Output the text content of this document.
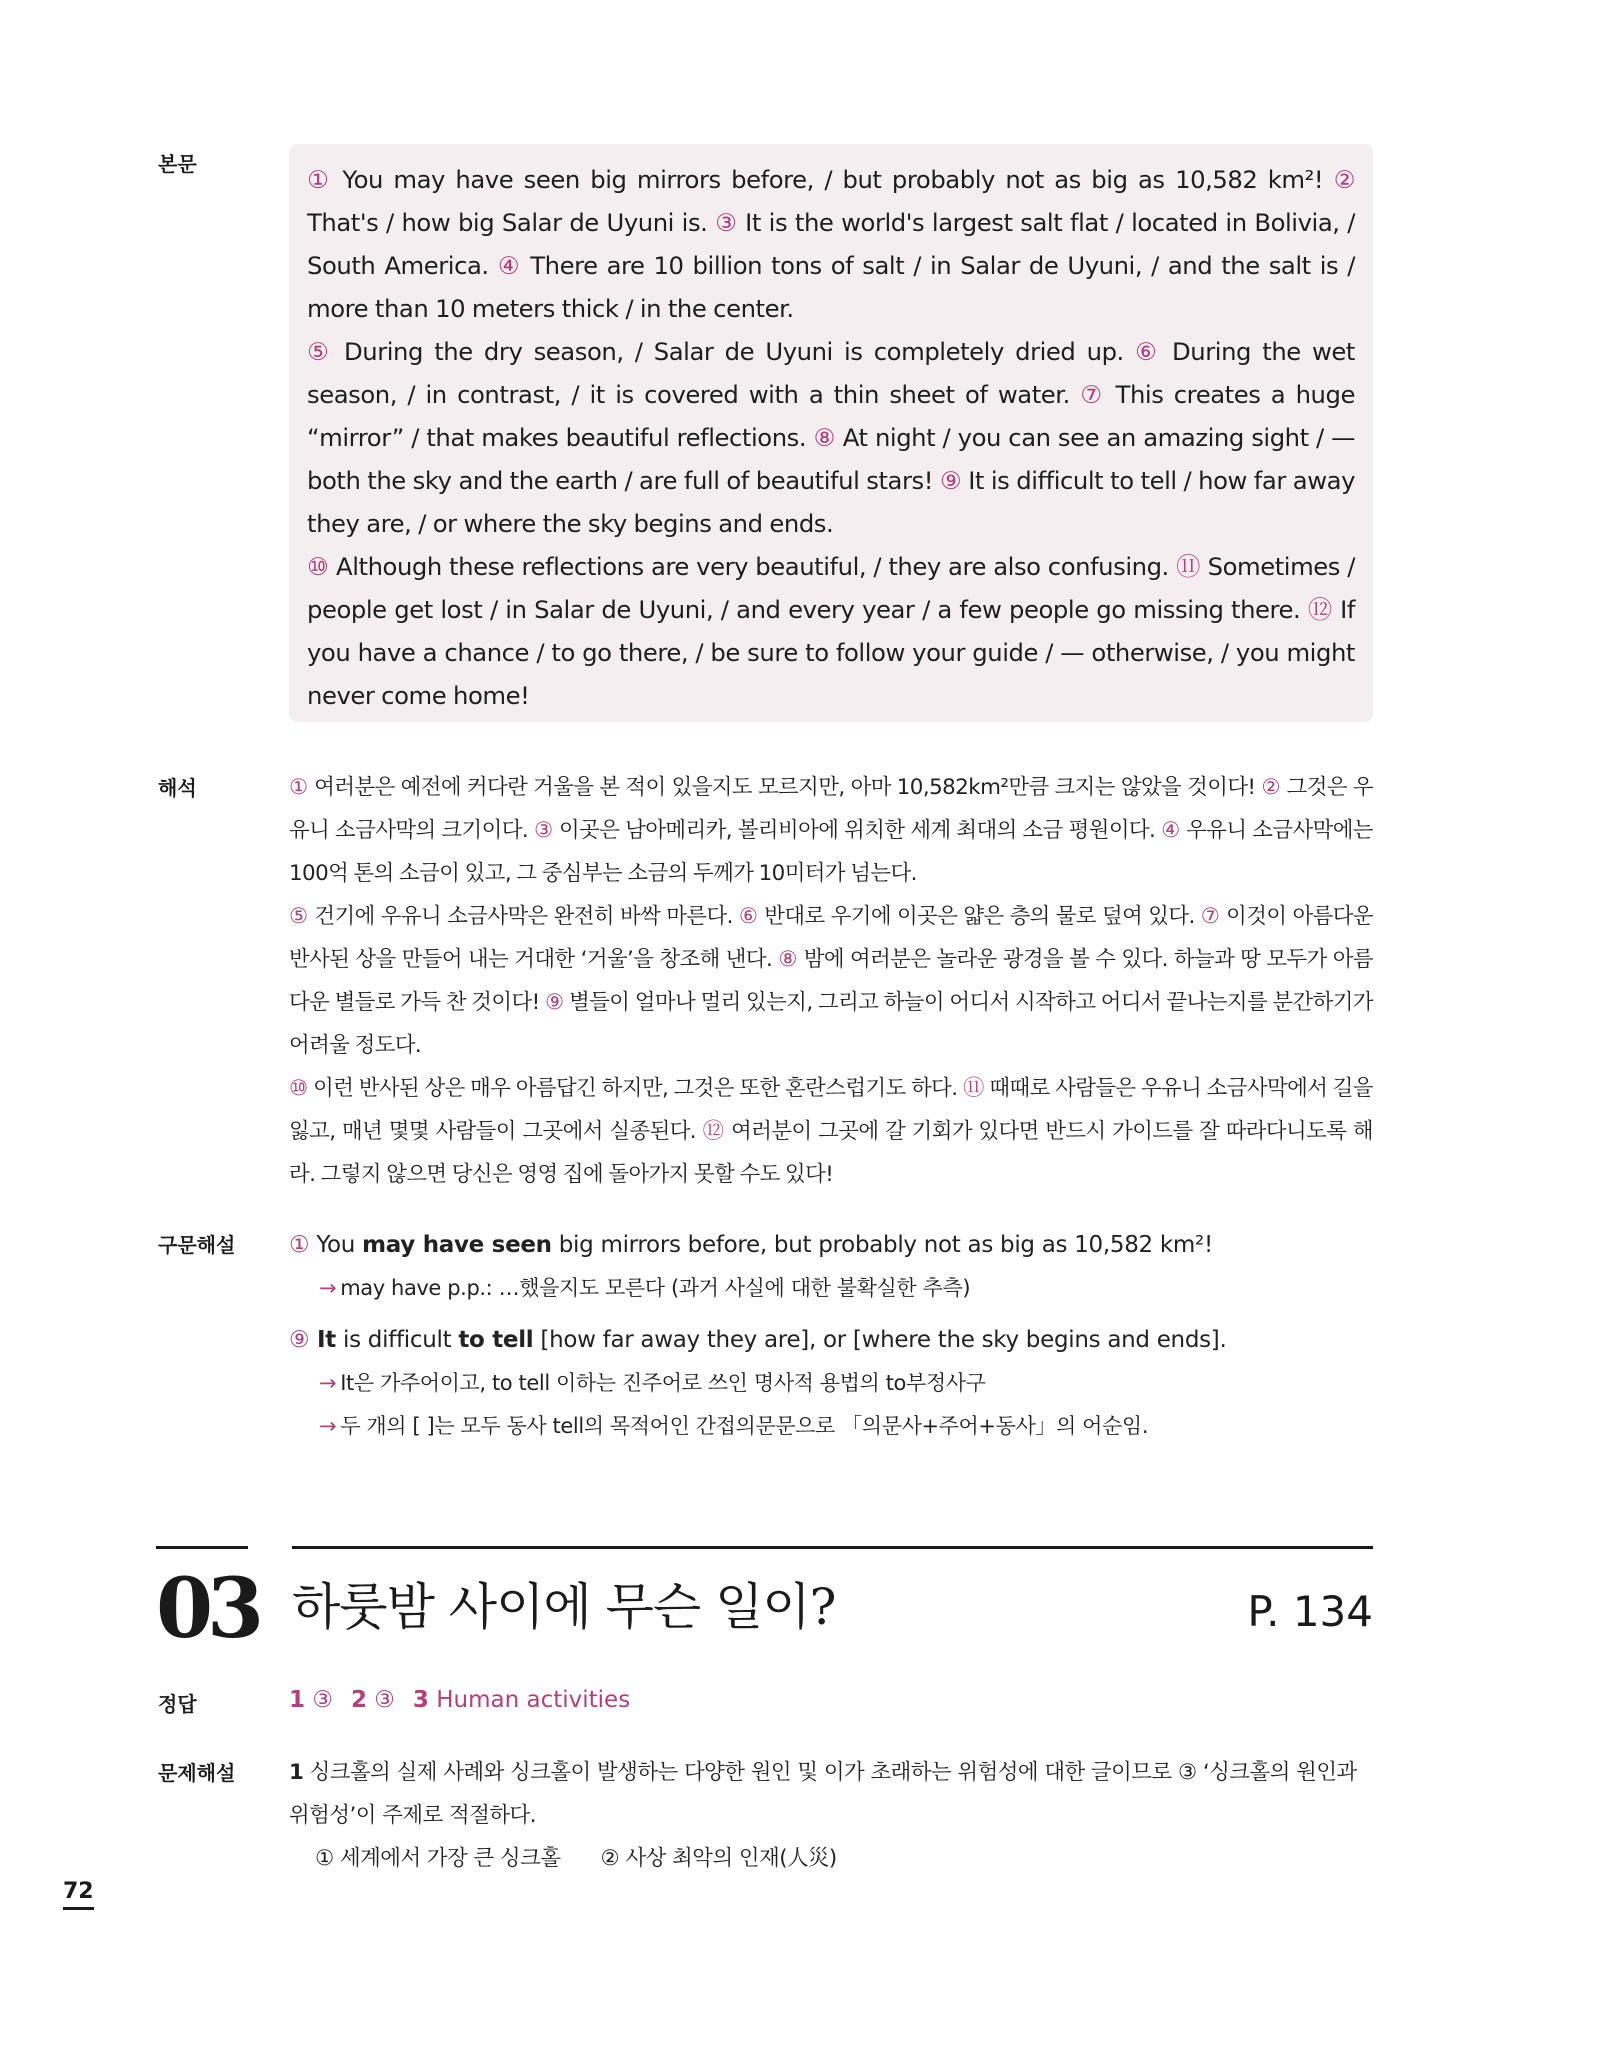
본문

① You may have seen big mirrors before, / but probably not as big as 10,582 km²! ② That's / how big Salar de Uyuni is. ③ It is the world's largest salt flat / located in Bolivia, / South America. ④ There are 10 billion tons of salt / in Salar de Uyuni, / and the salt is / more than 10 meters thick / in the center.

⑤ During the dry season, / Salar de Uyuni is completely dried up. ⑥ During the wet season, / in contrast, / it is covered with a thin sheet of water. ⑦ This creates a huge “mirror” / that makes beautiful reflections. ⑧ At night / you can see an amazing sight / — both the sky and the earth / are full of beautiful stars! ⑨ It is difficult to tell / how far away they are, / or where the sky begins and ends.

⑩ Although these reflections are very beautiful, / they are also confusing. ⑪ Sometimes / people get lost / in Salar de Uyuni, / and every year / a few people go missing there. ⑫ If you have a chance / to go there, / be sure to follow your guide / — otherwise, / you might never come home!

해석	① 여러분은 예전에 커다란 거울을 본 적이 있을지도 모르지만, 아마 10,582km²만큼 크지는 않았을 것이다! ② 그것은 우유니 소금사막의 크기이다. ③ 이곳은 남아메리카, 볼리비아에 위치한 세계 최대의 소금 평원이다. ④ 우유니 소금사막에는 100억 톤의 소금이 있고, 그 중심부는 소금의 두께가 10미터가 넘는다.

⑤ 건기에 우유니 소금사막은 완전히 바싹 마른다. ⑥ 반대로 우기에 이곳은 얇은 층의 물로 덮여 있다. ⑦ 이것이 아름다운 반사된 상을 만들어 내는 거대한 ‘거울’을 창조해 낸다. ⑧ 밤에 여러분은 놀라운 광경을 볼 수 있다. 하늘과 땅 모두가 아름다운 별들로 가득 찬 것이다! ⑨ 별들이 얼마나 멀리 있는지, 그리고 하늘이 어디서 시작하고 어디서 끝나는지를 분간하기가 어려울 정도다.

⑩ 이런 반사된 상은 매우 아름답긴 하지만, 그것은 또한 혼란스럽기도 하다. ⑪ 때때로 사람들은 우유니 소금사막에서 길을 잃고, 매년 몇몇 사람들이 그곳에서 실종된다. ⑫ 여러분이 그곳에 갈 기회가 있다면 반드시 가이드를 잘 따라다니도록 해라. 그렇지 않으면 당신은 영영 집에 돌아가지 못할 수도 있다!

구문해설 ① You may have seen big mirrors before, but probably not as big as 10,582 km²!
→ may have p.p.: …했을지도 모른다 (과거 사실에 대한 불확실한 추측)
⑨ It is difficult to tell [how far away they are], or [where the sky begins and ends].
→ It은 가주어이고, to tell 이하는 진주어로 쓰인 명사적 용법의 to부정사구
→ 두 개의 [ ]는 모두 동사 tell의 목적어인 간접의문문으로 「의문사+주어+동사」의 어순임.
03 하룻밤 사이에 무슨 일이?	P. 134
정답	1 ③ 2 ③ 3 Human activities
문제해설	1 싱크홀의 실제 사례와 싱크홀이 발생하는 다양한 원인 및 이가 초래하는 위험성에 대한 글이므로 ③ ‘싱크홀의 원인과 위험성’이 주제로 적절하다.
① 세계에서 가장 큰 싱크홀 ② 사상 최악의 인재(人災)
72
